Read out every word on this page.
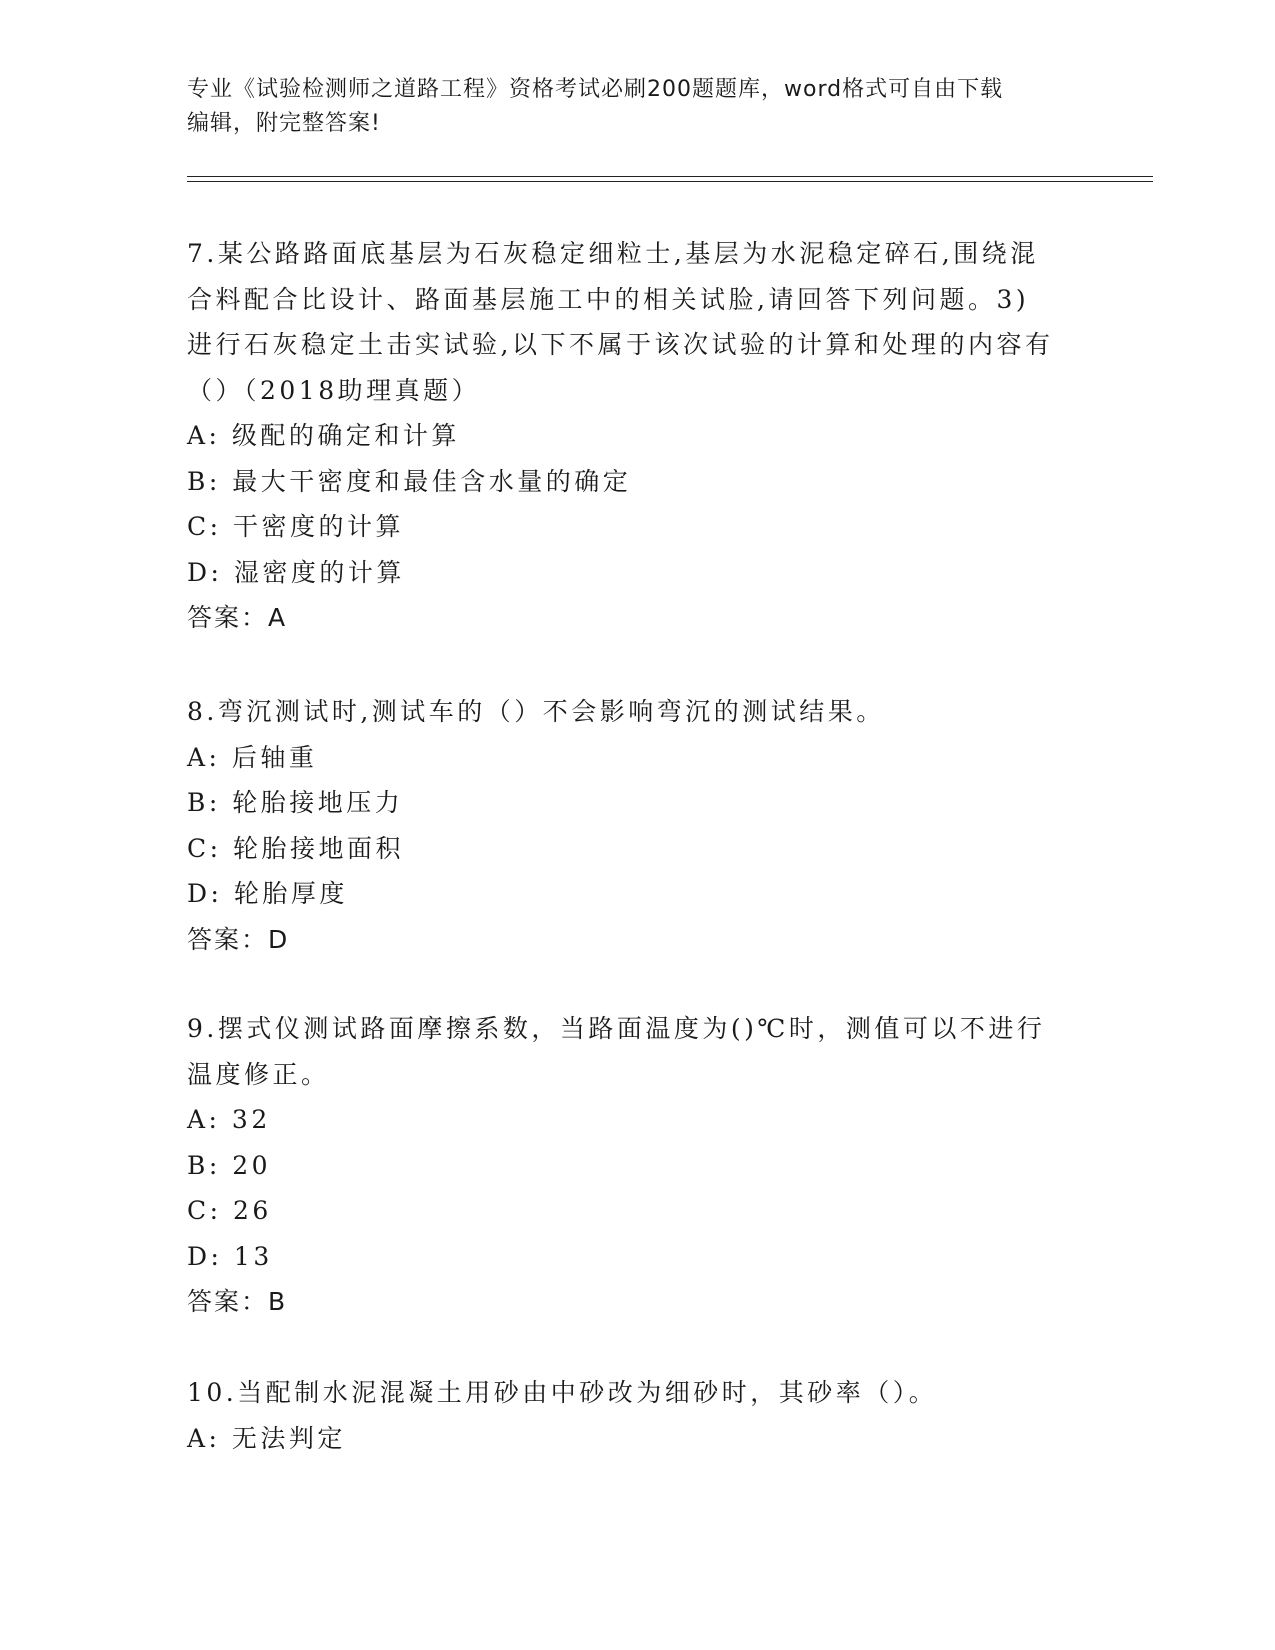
专业《试验检测师之道路工程》资格考试必刷200题题库，word格式可自由下载
编辑，附完整答案!

7.某公路路面底基层为石灰稳定细粒士,基层为水泥稳定碎石,围绕混

合料配合比设计、路面基层施工中的相关试脸,请回答下列问题。3)

进行石灰稳定土击实试验,以下不属于该次试验的计算和处理的内容有

（）（2018助理真题）

A: 级配的确定和计算

B: 最大干密度和最佳含水量的确定

C: 干密度的计算

D: 湿密度的计算

答案：A

8.弯沉测试时,测试车的（）不会影响弯沉的测试结果。

A: 后轴重

B: 轮胎接地压力

C: 轮胎接地面积

D: 轮胎厚度

答案：D

9.摆式仪测试路面摩擦系数，当路面温度为()℃时，测值可以不进行

温度修正。

A: 32

B: 20

C: 26

D: 13

答案：B

10.当配制水泥混凝土用砂由中砂改为细砂时，其砂率（）。

A: 无法判定
